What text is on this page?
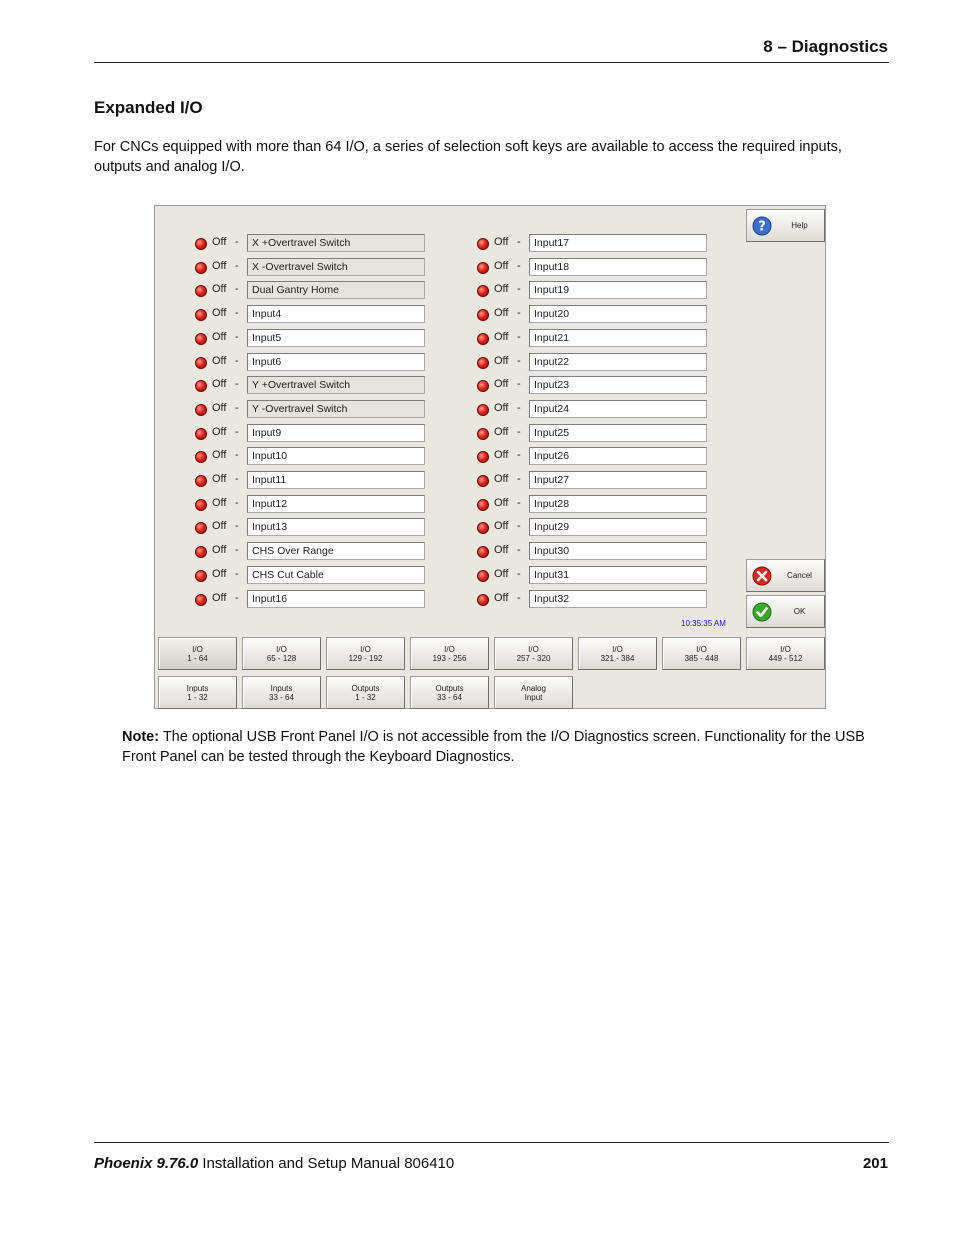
8 – Diagnostics
Expanded I/O
For CNCs equipped with more than 64 I/O, a series of selection soft keys are available to access the required inputs, outputs and analog I/O.
Off -	X +Overtravel Switch
Off -	X -Overtravel Switch
Off -	Dual Gantry Home
Off -	Input4
Off -	Input5
Off -	Input6
Off -	Y +Overtravel Switch
Off -	Y -Overtravel Switch
Off -	Input9
Off -	Input10
Off -	Input11
Off -	Input12
Off -	Input13
Off -	CHS Over Range
Off -	CHS Cut Cable
Off -	Input16
Off -	Input17
Off -	Input18
Off -	Input19
Off -	Input20
Off -	Input21
Off -	Input22
Off -	Input23
Off -	Input24
Off -	Input25
Off -	Input26
Off -	Input27
Off -	Input28
Off -	Input29
Off -	Input30
Off -	Input31
Off -	Input32
?	Help
Cancel
OK
10:35:35 AM
I/O
1 - 64
I/O
65 - 128
I/O
129 - 192
I/O
193 - 256
I/O
257 - 320
I/O
321 - 384
I/O
385 - 448
I/O
449 - 512
Inputs
1 - 32
Inputs
33 - 64
Outputs
1 - 32
Outputs
33 - 64
Analog
Input
Note: The optional USB Front Panel I/O is not accessible from the I/O Diagnostics screen. Functionality for the USB Front Panel can be tested through the Keyboard Diagnostics.
Phoenix 9.76.0 Installation and Setup Manual 806410	201
